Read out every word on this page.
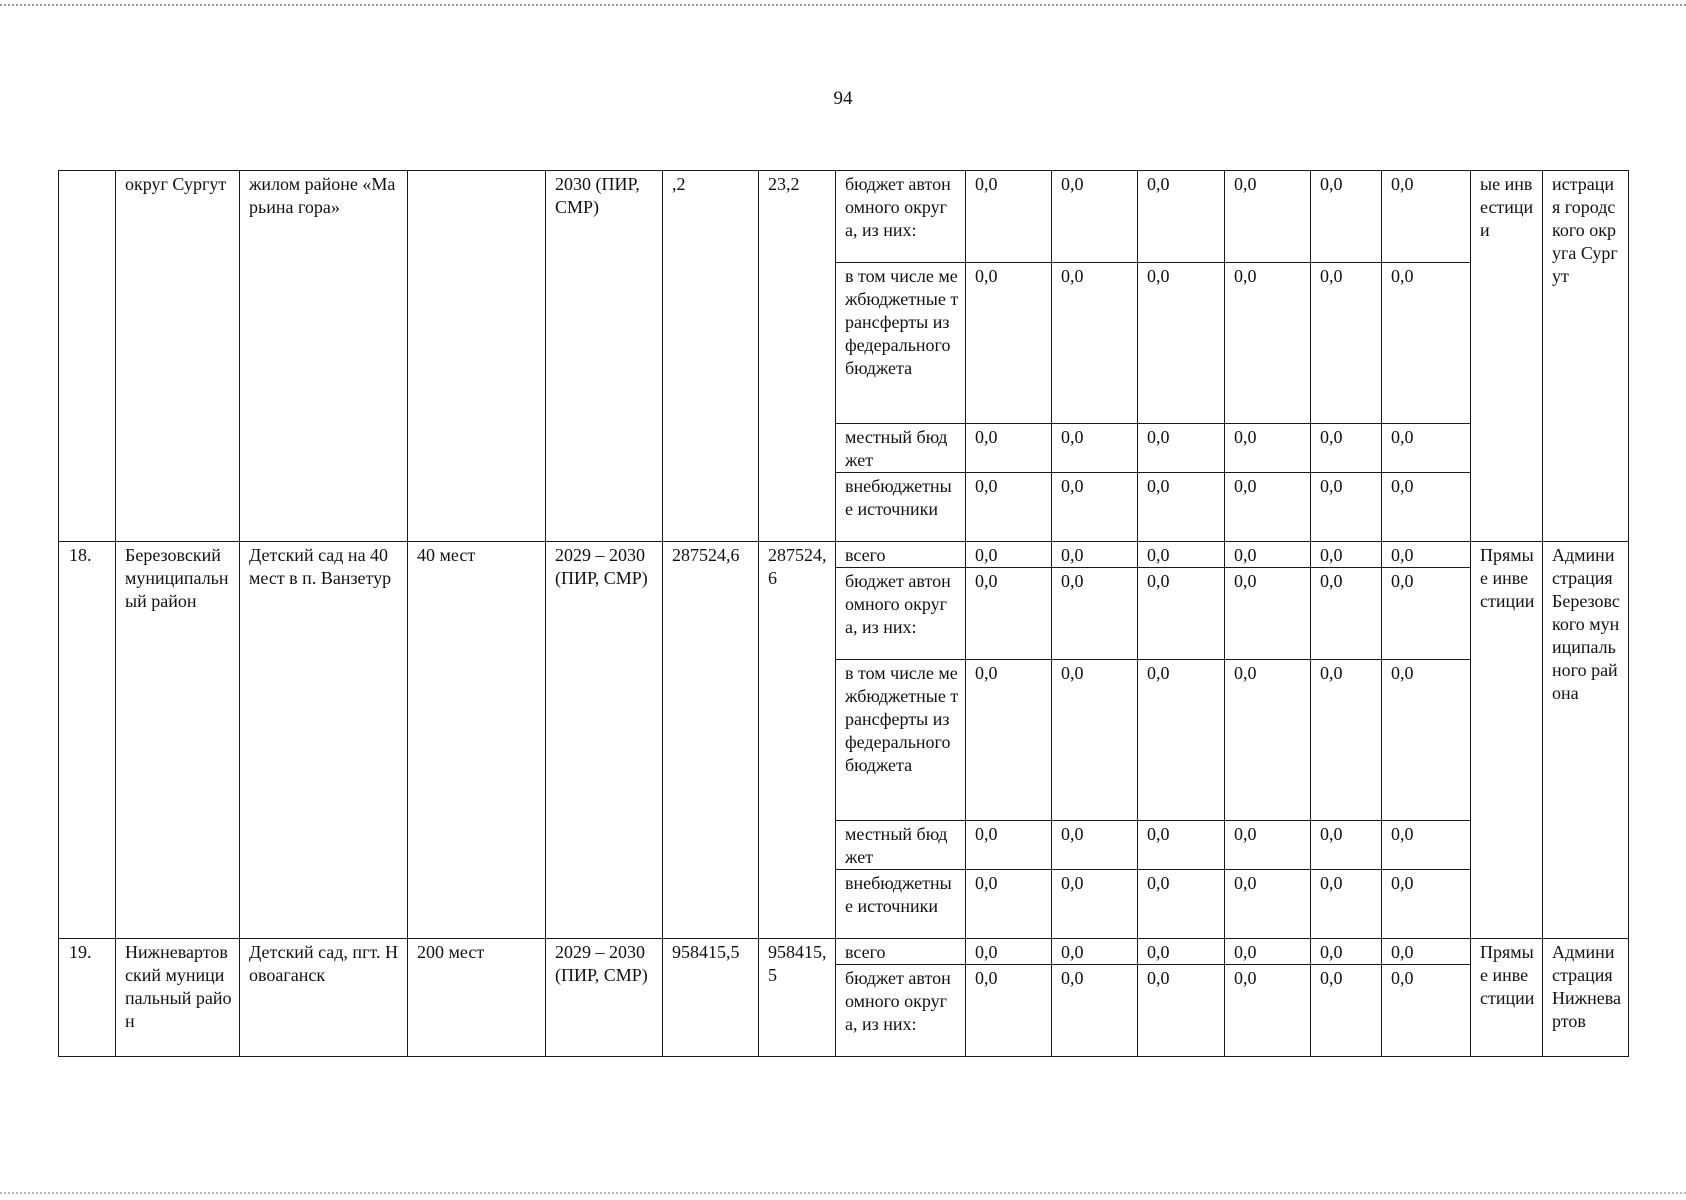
94
	округ Сургут	жилом районе «Марьина гора»		2030 (ПИР, СМР)	,2	23,2	бюджет автономного округа, из них:	0,0	0,0	0,0	0,0	0,0	0,0	ые инвестиции	истрация городского округа Сургут
							в том числе межбюджетные трансферты из федерального бюджета	0,0	0,0	0,0	0,0	0,0	0,0		
							местный бюджет	0,0	0,0	0,0	0,0	0,0	0,0		
							внебюджетные источники	0,0	0,0	0,0	0,0	0,0	0,0		
18.	Березовский муниципальный район	Детский сад на 40 мест в п. Ванзетур	40 мест	2029 – 2030 (ПИР, СМР)	287524,6	287524,6	всего	0,0	0,0	0,0	0,0	0,0	0,0	Прямые инвестиции	Администрация Березовского муниципального района
							бюджет автономного округа, из них:	0,0	0,0	0,0	0,0	0,0	0,0		
							в том числе межбюджетные трансферты из федерального бюджета	0,0	0,0	0,0	0,0	0,0	0,0		
							местный бюджет	0,0	0,0	0,0	0,0	0,0	0,0		
							внебюджетные источники	0,0	0,0	0,0	0,0	0,0	0,0		
19.	Нижневартовский муниципальный район	Детский сад, пгт. Новоаганск	200 мест	2029 – 2030 (ПИР, СМР)	958415,5	958415,5	всего	0,0	0,0	0,0	0,0	0,0	0,0	Прямые инвестиции	Администрация Нижневартов
							бюджет автономного округа, из них:	0,0	0,0	0,0	0,0	0,0	0,0		
